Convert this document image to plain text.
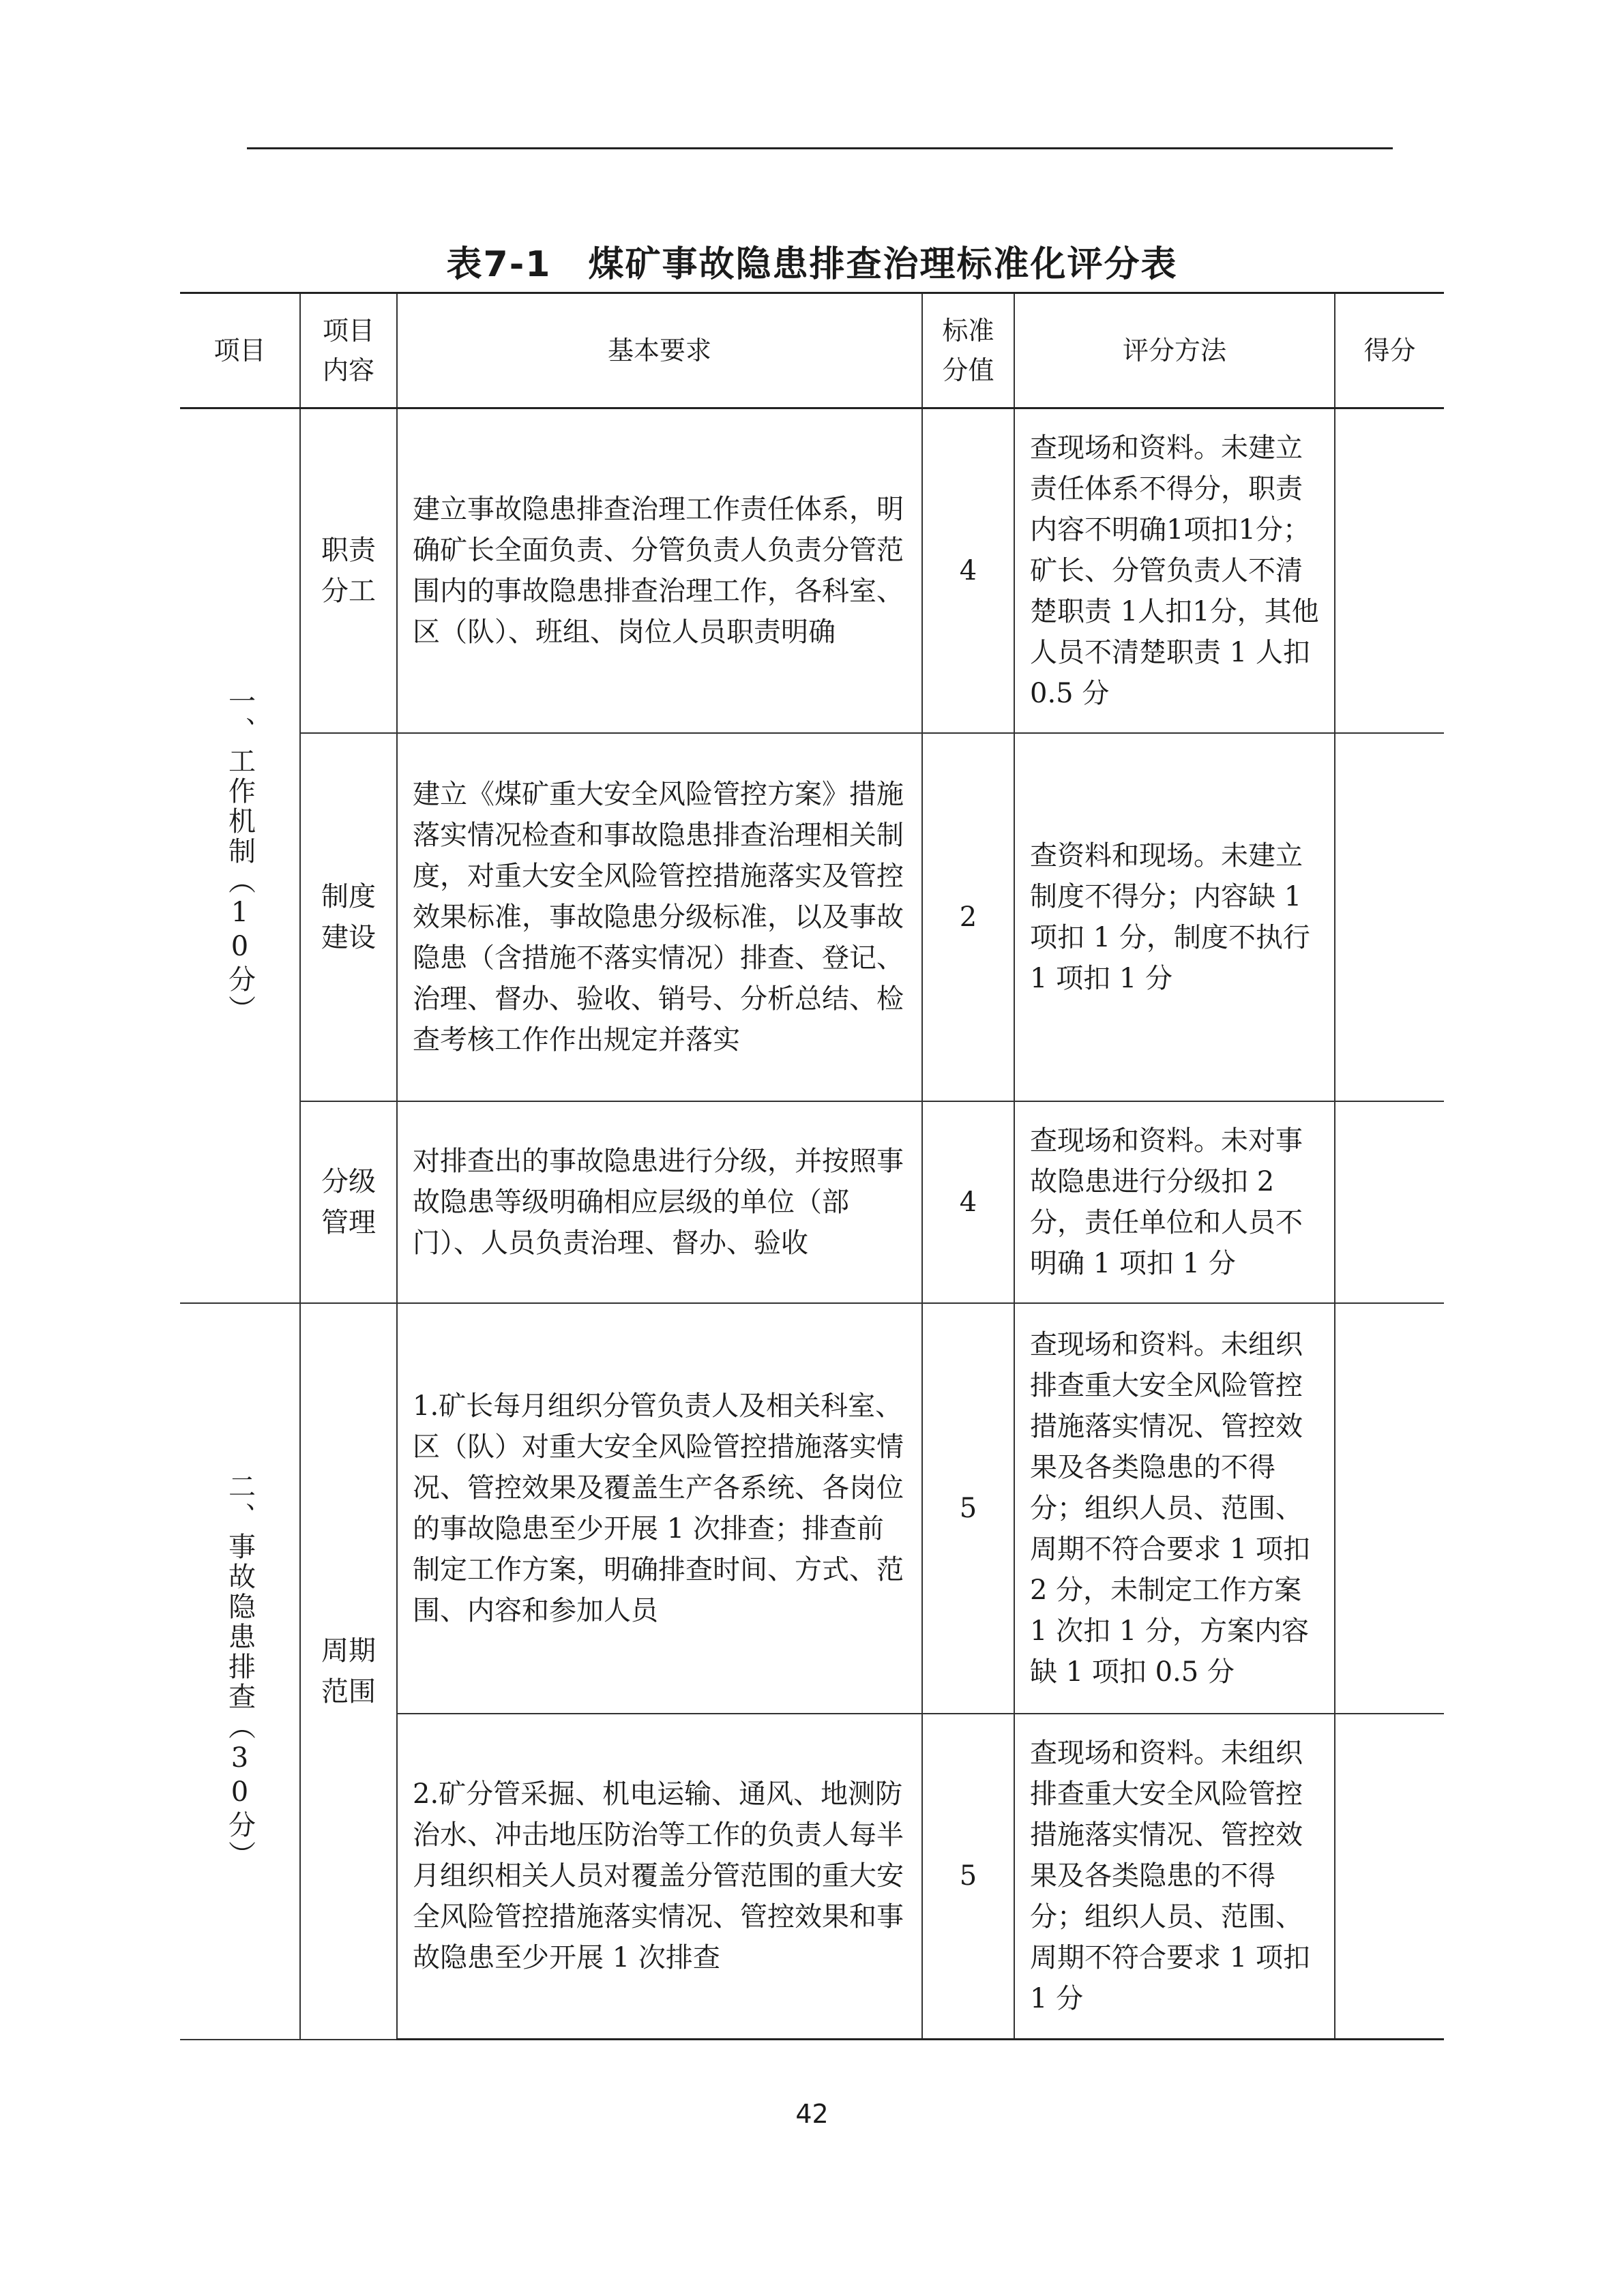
表7-1　煤矿事故隐患排查治理标准化评分表
项目	项目内容	基本要求	标准分值	评分方法	得分

一、工作机制（10分）	职责分工	建立事故隐患排查治理工作责任体系，明确矿长全面负责、分管负责人负责分管范围内的事故隐患排查治理工作，各科室、区（队）、班组、岗位人员职责明确	4	查现场和资料。未建立责任体系不得分，职责内容不明确1项扣1分；矿长、分管负责人不清楚职责 1人扣1分，其他人员不清楚职责 1 人扣 0.5 分	

	制度建设	建立《煤矿重大安全风险管控方案》措施落实情况检查和事故隐患排查治理相关制度，对重大安全风险管控措施落实及管控效果标准，事故隐患分级标准，以及事故隐患（含措施不落实情况）排查、登记、治理、督办、验收、销号、分析总结、检查考核工作作出规定并落实	2	查资料和现场。未建立制度不得分；内容缺 1 项扣 1 分，制度不执行 1 项扣 1 分	

	分级管理	对排查出的事故隐患进行分级，并按照事故隐患等级明确相应层级的单位（部门）、人员负责治理、督办、验收	4	查现场和资料。未对事故隐患进行分级扣 2 分，责任单位和人员不明确 1 项扣 1 分	

二、事故隐患排查（30分）	周期范围	1.矿长每月组织分管负责人及相关科室、区（队）对重大安全风险管控措施落实情况、管控效果及覆盖生产各系统、各岗位的事故隐患至少开展 1 次排查；排查前制定工作方案，明确排查时间、方式、范围、内容和参加人员	5	查现场和资料。未组织排查重大安全风险管控措施落实情况、管控效果及各类隐患的不得分；组织人员、范围、周期不符合要求 1 项扣 2 分，未制定工作方案 1 次扣 1 分，方案内容缺 1 项扣 0.5 分	

		2.矿分管采掘、机电运输、通风、地测防治水、冲击地压防治等工作的负责人每半月组织相关人员对覆盖分管范围的重大安全风险管控措施落实情况、管控效果和事故隐患至少开展 1 次排查	5	查现场和资料。未组织排查重大安全风险管控措施落实情况、管控效果及各类隐患的不得分；组织人员、范围、周期不符合要求 1 项扣 1 分	

42
